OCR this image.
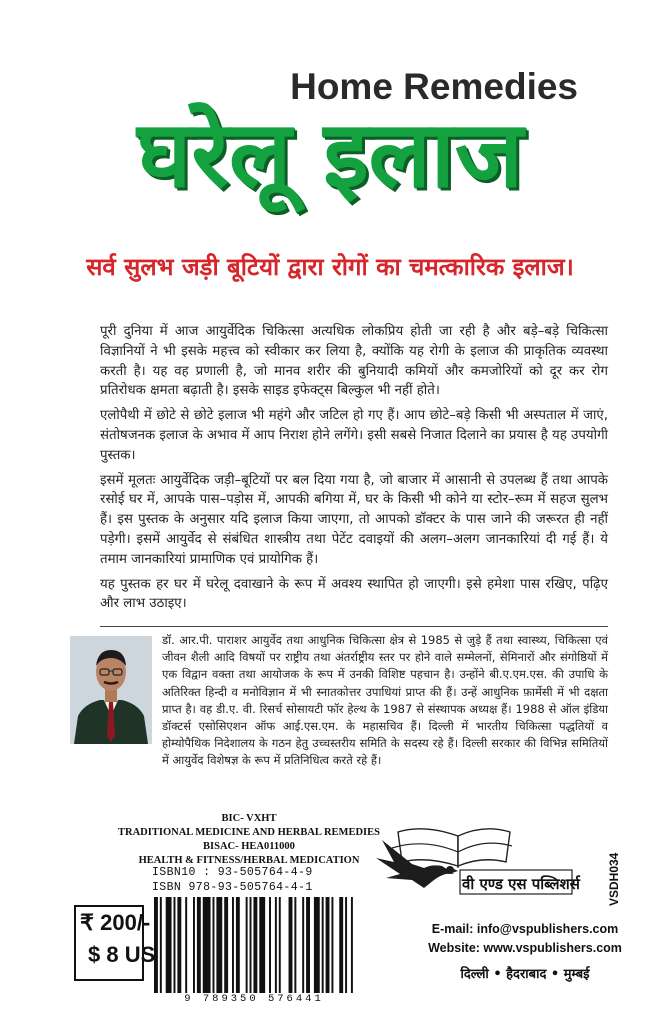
Home Remedies
घरेलू इलाज
सर्व सुलभ जड़ी बूटियों द्वारा रोगों का चमत्कारिक इलाज।

पूरी दुनिया में आज आयुर्वेदिक चिकित्सा अत्यधिक लोकप्रिय होती जा रही है और बड़े–बड़े चिकित्सा विज्ञानियों ने भी इसके महत्त्व को स्वीकार कर लिया है, क्योंकि यह रोगी के इलाज की प्राकृतिक व्यवस्था करती है। यह वह प्रणाली है, जो मानव शरीर की बुनियादी कमियों और कमजोरियों को दूर कर रोग प्रतिरोधक क्षमता बढ़ाती है। इसके साइड इफेक्ट्स बिल्कुल भी नहीं होते।

एलोपैथी में छोटे से छोटे इलाज भी महंगे और जटिल हो गए हैं। आप छोटे–बड़े किसी भी अस्पताल में जाएं, संतोषजनक इलाज के अभाव में आप निराश होने लगेंगे। इसी सबसे निजात दिलाने का प्रयास है यह उपयोगी पुस्तक।

इसमें मूलतः आयुर्वेदिक जड़ी–बूटियों पर बल दिया गया है, जो बाजार में आसानी से उपलब्ध हैं तथा आपके रसोई घर में, आपके पास–पड़ोस में, आपकी बगिया में, घर के किसी भी कोने या स्टोर–रूम में सहज सुलभ हैं। इस पुस्तक के अनुसार यदि इलाज किया जाएगा, तो आपको डॉक्टर के पास जाने की जरूरत ही नहीं पड़ेगी। इसमें आयुर्वेद से संबंधित शास्त्रीय तथा पेटेंट दवाइयों की अलग–अलग जानकारियां दी गई हैं। ये तमाम जानकारियां प्रामाणिक एवं प्रायोगिक हैं।

यह पुस्तक हर घर में घरेलू दवाखाने के रूप में अवश्य स्थापित हो जाएगी। इसे हमेशा पास रखिए, पढ़िए और लाभ उठाइए।

डॉ. आर.पी. पाराशर आयुर्वेद तथा आधुनिक चिकित्सा क्षेत्र से 1985 से जुड़े हैं तथा स्वास्थ्य, चिकित्सा एवं जीवन शैली आदि विषयों पर राष्ट्रीय तथा अंतर्राष्ट्रीय स्तर पर होने वाले सम्मेलनों, सेमिनारों और संगोष्ठियों में एक विद्वान वक्ता तथा आयोजक के रूप में उनकी विशिष्ट पहचान है। उन्होंने बी.ए.एम.एस. की उपाधि के अतिरिक्त हिन्दी व मनोविज्ञान में भी स्नातकोत्तर उपाधियां प्राप्त की हैं। उन्हें आधुनिक फ़ार्मेसी में भी दक्षता प्राप्त है। वह डी.ए. वी. रिसर्च सोसायटी फॉर हेल्थ के 1987 से संस्थापक अध्यक्ष हैं। 1988 से ऑल इंडिया डॉक्टर्स एसोसिएशन ऑफ आई.एस.एम. के महासचिव हैं। दिल्ली में भारतीय चिकित्सा पद्धतियों व होम्योपैथिक निदेशालय के गठन हेतु उच्चस्तरीय समिति के सदस्य रहे हैं। दिल्ली सरकार की विभिन्न समितियों में आयुर्वेद विशेषज्ञ के रूप में प्रतिनिधित्व करते रहे हैं।
BIC- VXHT
TRADITIONAL MEDICINE AND HERBAL REMEDIES
BISAC- HEA011000
HEALTH & FITNESS/HERBAL MEDICATION
ISBN10 : 93-505764-4-9
ISBN 978-93-505764-4-1
9 789350 576441
₹ 200/-
$ 8 US
VSDH034
वी एण्ड एस पब्लिशर्स
E-mail: info@vspublishers.com
Website: www.vspublishers.com
दिल्ली • हैदराबाद • मुम्बई
